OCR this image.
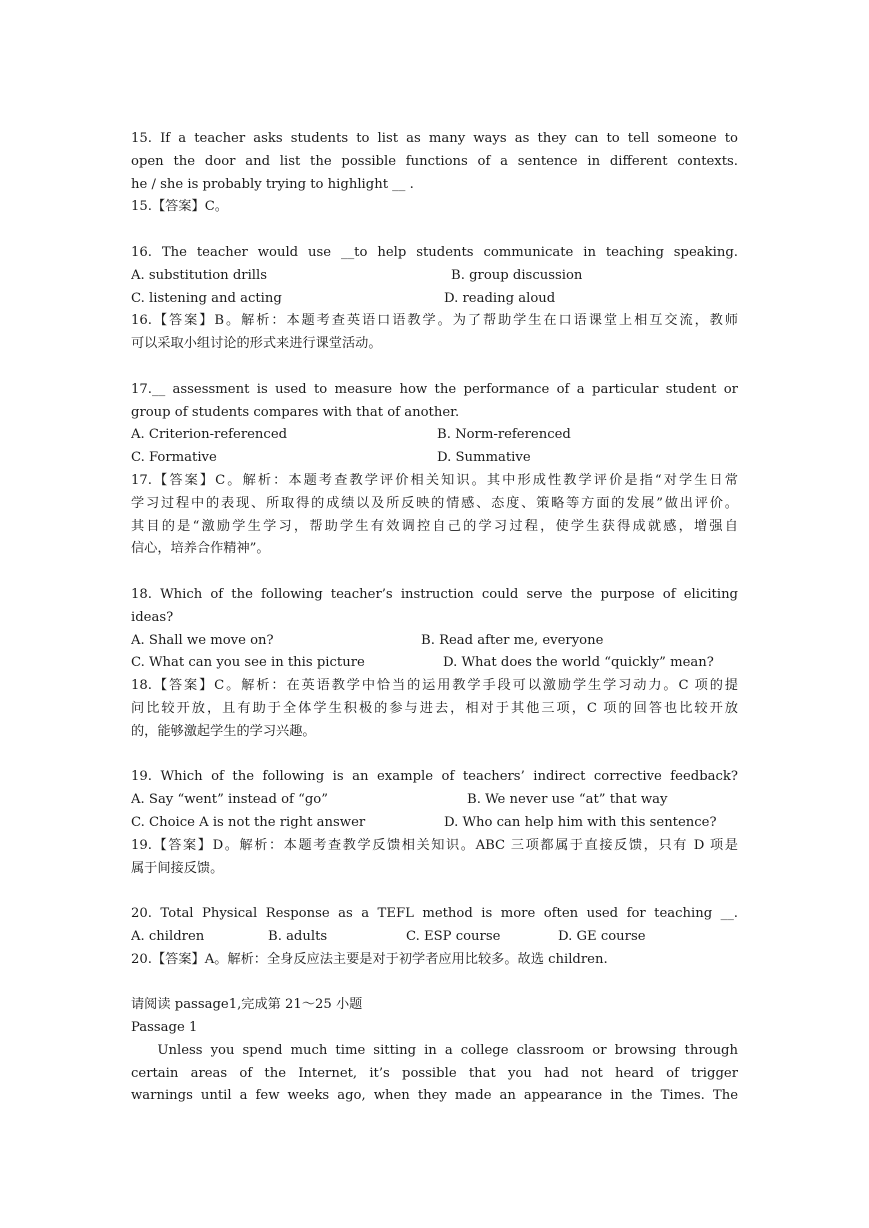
15. If a teacher asks students to list as many ways as they can to tell someone to
open the door and list the possible functions of a sentence in different contexts.
he / she is probably trying to highlight __ .
15.【答案】C。
16. The teacher would use __to help students communicate in teaching speaking.
A. substitution drills	B. group discussion
C. listening and acting	D. reading aloud
16.【答案】B。解析：本题考查英语口语教学。为了帮助学生在口语课堂上相互交流，教师
可以采取小组讨论的形式来进行课堂活动。
17.__ assessment is used to measure how the performance of a particular student or
group of students compares with that of another.
A. Criterion-referenced	B. Norm-referenced
C. Formative	D. Summative
17.【答案】C。解析：本题考查教学评价相关知识。其中形成性教学评价是指“对学生日常
学习过程中的表现、所取得的成绩以及所反映的情感、态度、策略等方面的发展”做出评价。
其目的是“激励学生学习，帮助学生有效调控自己的学习过程，使学生获得成就感，增强自
信心，培养合作精神”。
18. Which of the following teacher’s instruction could serve the purpose of eliciting
ideas?
A. Shall we move on?	B. Read after me, everyone
C. What can you see in this picture	D. What does the world “quickly” mean?
18.【答案】C。解析：在英语教学中恰当的运用教学手段可以激励学生学习动力。C 项的提
问比较开放，且有助于全体学生积极的参与进去，相对于其他三项，C 项的回答也比较开放
的，能够激起学生的学习兴趣。
19. Which of the following is an example of teachers’ indirect corrective feedback?
A. Say “went” instead of “go”	B. We never use “at” that way
C. Choice A is not the right answer	D. Who can help him with this sentence?
19.【答案】D。解析：本题考查教学反馈相关知识。ABC 三项都属于直接反馈，只有 D 项是
属于间接反馈。
20. Total Physical Response as a TEFL method is more often used for teaching __.
A. children	B. adults	C. ESP course	D. GE course
20.【答案】A。解析：全身反应法主要是对于初学者应用比较多。故选 children.
请阅读 passage1,完成第 21～25 小题
Passage 1
Unless you spend much time sitting in a college classroom or browsing through
certain areas of the Internet, it’s possible that you had not heard of trigger
warnings until a few weeks ago, when they made an appearance in the Times. The
